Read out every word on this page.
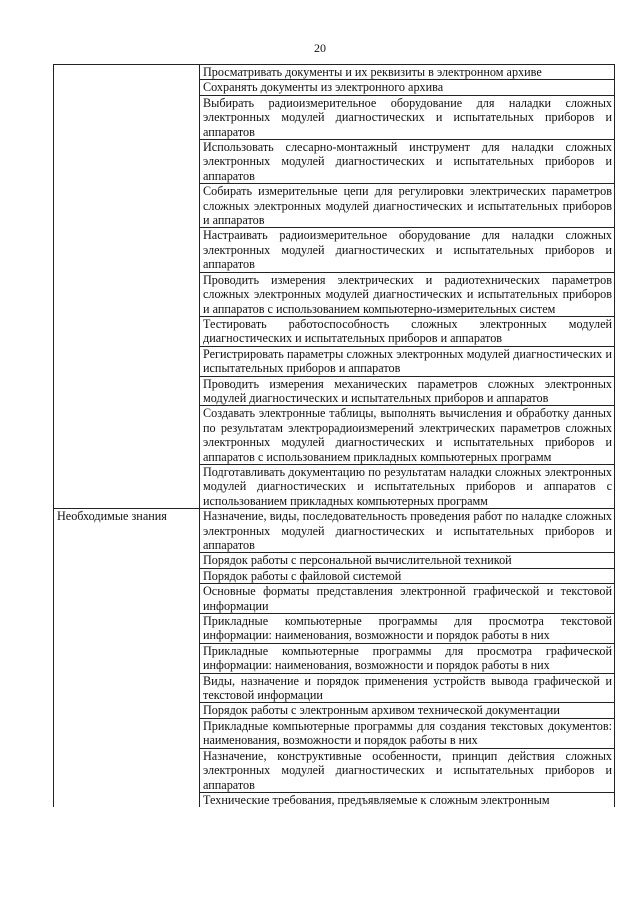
20

	Просматривать документы и их реквизиты в электронном архиве

	Сохранять документы из электронного архива

	Выбирать радиоизмерительное оборудование для наладки сложных электронных модулей диагностических и испытательных приборов и аппаратов

	Использовать слесарно-монтажный инструмент для наладки сложных электронных модулей диагностических и испытательных приборов и аппаратов

	Собирать измерительные цепи для регулировки электрических параметров сложных электронных модулей диагностических и испытательных приборов и аппаратов

	Настраивать радиоизмерительное оборудование для наладки сложных электронных модулей диагностических и испытательных приборов и аппаратов

	Проводить измерения электрических и радиотехнических параметров сложных электронных модулей диагностических и испытательных приборов и аппаратов с использованием компьютерно-измерительных систем

	Тестировать работоспособность сложных электронных модулей диагностических и испытательных приборов и аппаратов

	Регистрировать параметры сложных электронных модулей диагностических и испытательных приборов и аппаратов

	Проводить измерения механических параметров сложных электронных модулей диагностических и испытательных приборов и аппаратов

	Создавать электронные таблицы, выполнять вычисления и обработку данных по результатам электрорадиоизмерений электрических параметров сложных электронных модулей диагностических и испытательных приборов и аппаратов с использованием прикладных компьютерных программ

	Подготавливать документацию по результатам наладки сложных электронных модулей диагностических и испытательных приборов и аппаратов с использованием прикладных компьютерных программ

Необходимые знания	Назначение, виды, последовательность проведения работ по наладке сложных электронных модулей диагностических и испытательных приборов и аппаратов

	Порядок работы с персональной вычислительной техникой

	Порядок работы с файловой системой

	Основные форматы представления электронной графической и текстовой информации

	Прикладные компьютерные программы для просмотра текстовой информации: наименования, возможности и порядок работы в них

	Прикладные компьютерные программы для просмотра графической информации: наименования, возможности и порядок работы в них

	Виды, назначение и порядок применения устройств вывода графической и текстовой информации

	Порядок работы с электронным архивом технической документации

	Прикладные компьютерные программы для создания текстовых документов: наименования, возможности и порядок работы в них

	Назначение, конструктивные особенности, принцип действия сложных электронных модулей диагностических и испытательных приборов и аппаратов

	Технические требования, предъявляемые к сложным электронным
